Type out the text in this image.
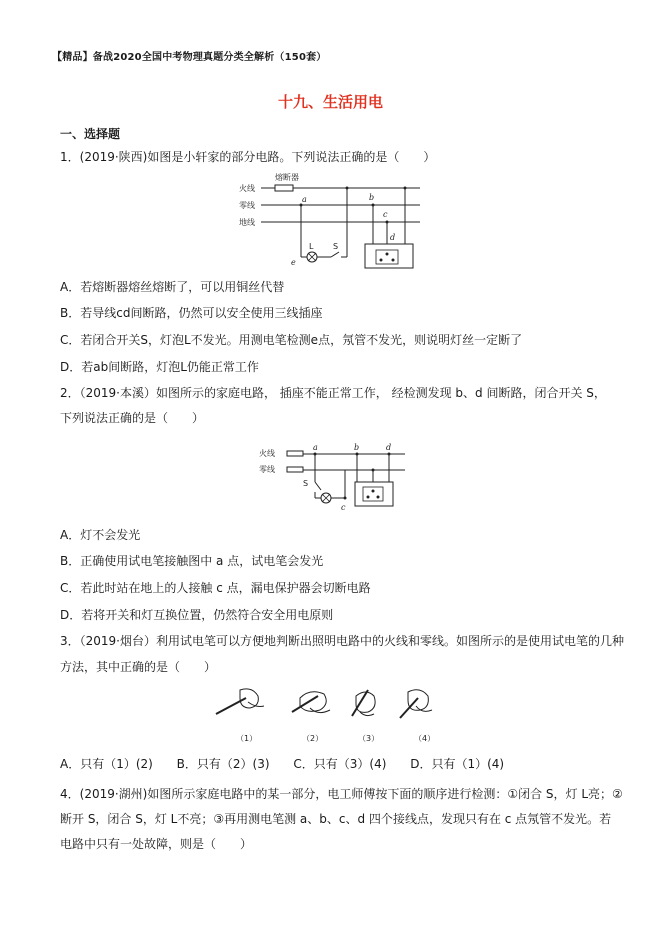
【精品】备战2020全国中考物理真题分类全解析（150套）
十九、生活用电
一、选择题
1．(2019·陕西)如图是小轩家的部分电路。下列说法正确的是（　　）
火线
零线
地线
熔断器
a
e
L S
b
c
d
A．若熔断器熔丝熔断了，可以用铜丝代替
B．若导线cd间断路，仍然可以安全使用三线插座
C．若闭合开关S，灯泡L不发光。用测电笔检测e点，氖管不发光，则说明灯丝一定断了
D．若ab间断路，灯泡L仍能正常工作
2．（2019·本溪）如图所示的家庭电路， 插座不能正常工作， 经检测发现 b、d 间断路，闭合开关 S，
下列说法正确的是（　　）
火线
零线
a
S
c
b	d
A．灯不会发光
B．正确使用试电笔接触图中 a 点，试电笔会发光
C．若此时站在地上的人接触 c 点，漏电保护器会切断电路
D．若将开关和灯互换位置，仍然符合安全用电原则
3．（2019·烟台）利用试电笔可以方便地判断出照明电路中的火线和零线。如图所示的是使用试电笔的几种
方法，其中正确的是（　　）
（1）	（2）	（3）	（4）
A．只有（1）(2) B．只有（2）(3) C．只有（3）(4) D．只有（1）(4)
4．(2019·湖州)如图所示家庭电路中的某一部分，电工师傅按下面的顺序进行检测：①闭合 S，灯 L亮；②
断开 S，闭合 S，灯 L不亮；③再用测电笔测 a、b、c、d 四个接线点，发现只有在 c 点氖管不发光。若
电路中只有一处故障，则是（　　）
